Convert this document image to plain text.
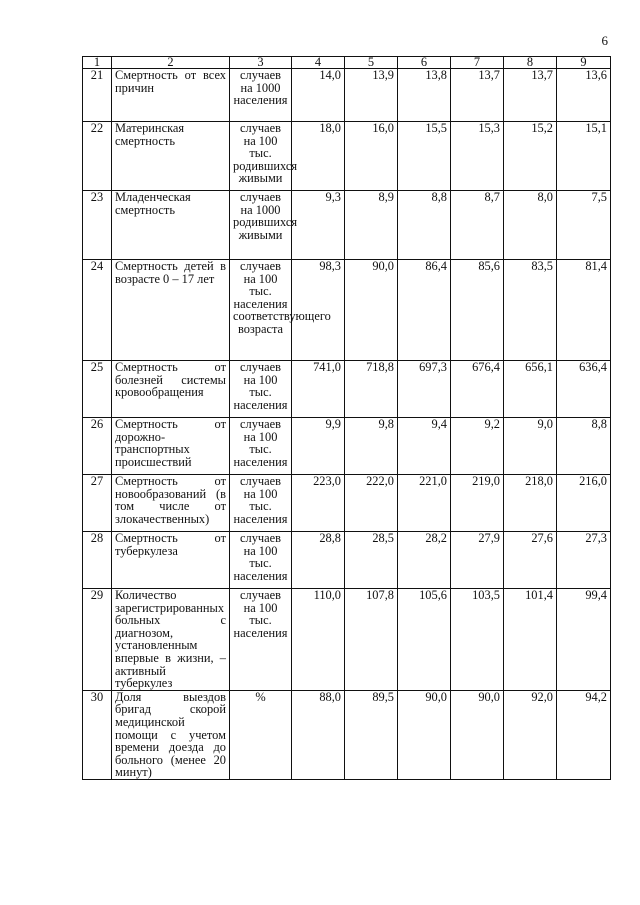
6
1	2	3	4	5	6	7	8	9
21	Смертность от всех причин	случаев на 1000 населения	14,0	13,9	13,8	13,7	13,7	13,6
22	Материнская смертность	случаев на 100 тыс. родившихся живыми	18,0	16,0	15,5	15,3	15,2	15,1
23	Младенческая смертность	случаев на 1000 родившихся живыми	9,3	8,9	8,8	8,7	8,0	7,5
24	Смертность детей в возрасте 0 – 17 лет	случаев на 100 тыс. населения соответствующего возраста	98,3	90,0	86,4	85,6	83,5	81,4
25	Смертность от болезней системы кровообращения	случаев на 100 тыс. населения	741,0	718,8	697,3	676,4	656,1	636,4
26	Смертность от дорожно-транспортных происшествий	случаев на 100 тыс. населения	9,9	9,8	9,4	9,2	9,0	8,8
27	Смертность от новообразований (в том числе от злокачественных)	случаев на 100 тыс. населения	223,0	222,0	221,0	219,0	218,0	216,0
28	Смертность от туберкулеза	случаев на 100 тыс. населения	28,8	28,5	28,2	27,9	27,6	27,3
29	Количество зарегистрированных больных с диагнозом, установленным впервые в жизни, – активный туберкулез	случаев на 100 тыс. населения	110,0	107,8	105,6	103,5	101,4	99,4
30	Доля выездов бригад скорой медицинской помощи с учетом времени доезда до больного (менее 20 минут)	%	88,0	89,5	90,0	90,0	92,0	94,2
